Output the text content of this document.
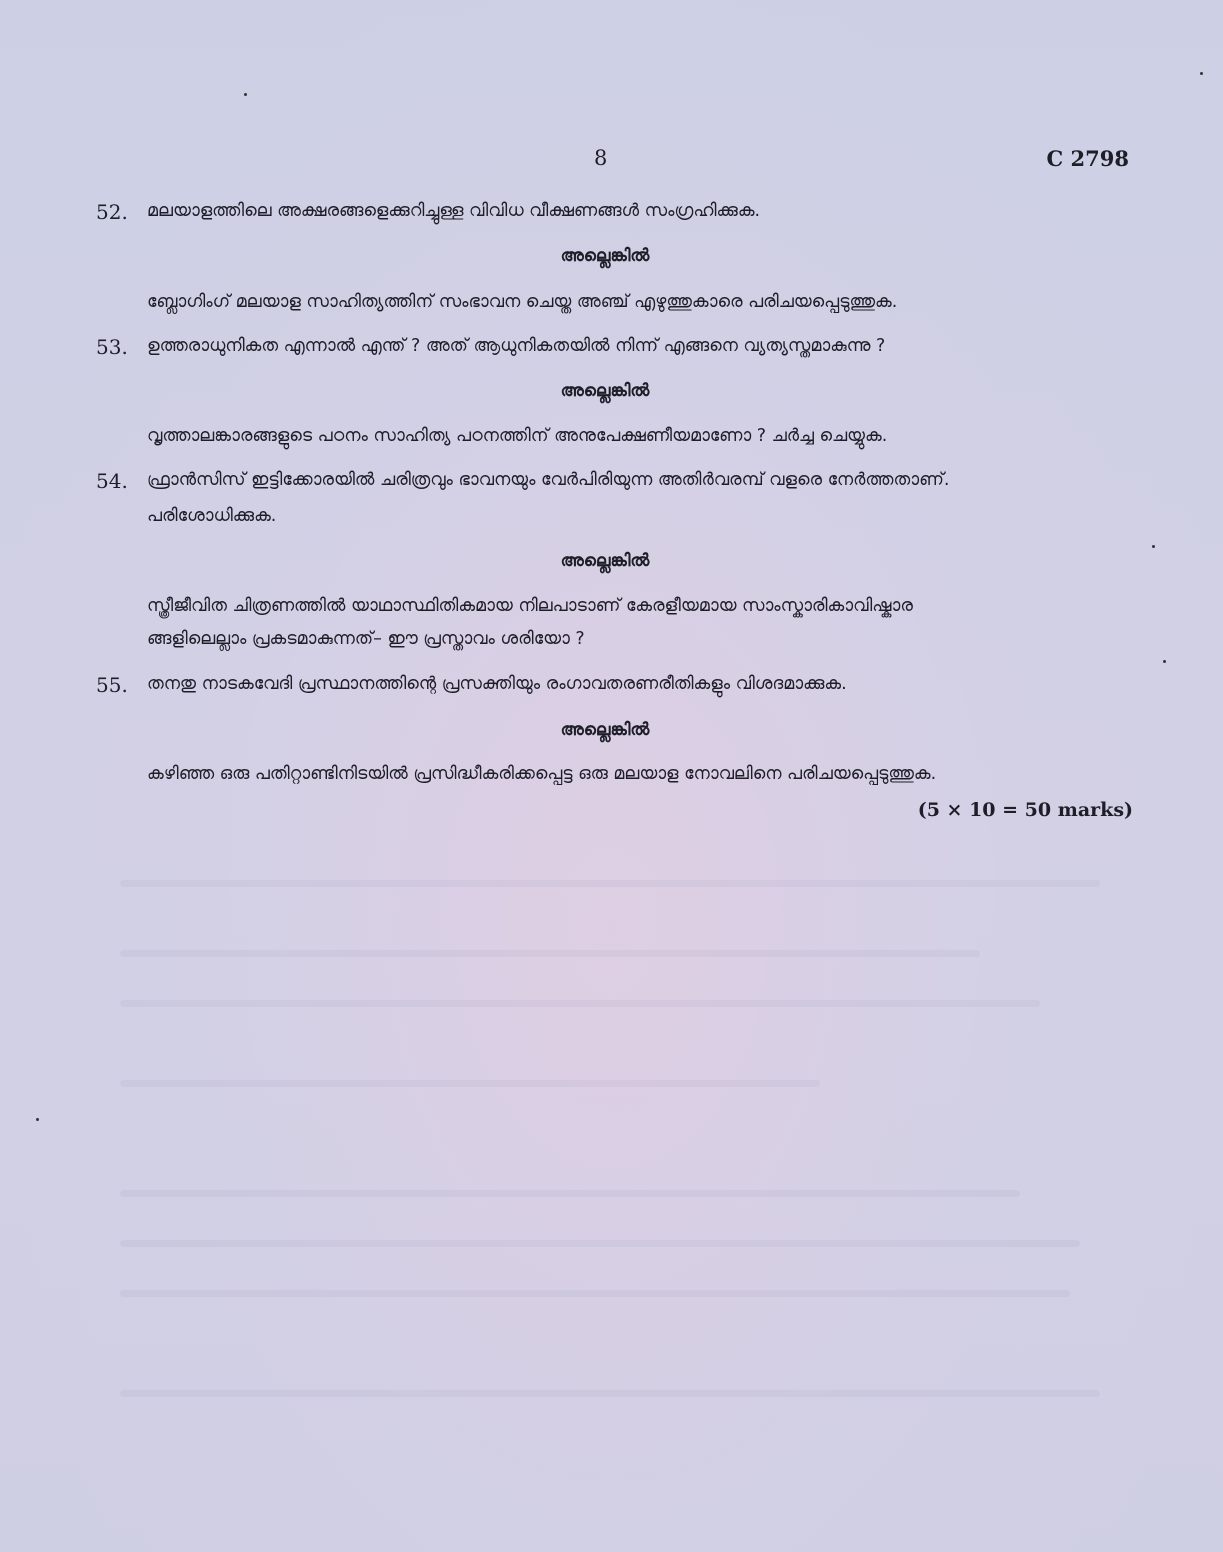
8	C 2798
52. മലയാളത്തിലെ അക്ഷരങ്ങളെക്കുറിച്ചുള്ള വിവിധ വീക്ഷണങ്ങൾ സംഗ്രഹിക്കുക.
അല്ലെങ്കിൽ
ബ്ലോഗിംഗ് മലയാള സാഹിത്യത്തിന് സംഭാവന ചെയ്ത അഞ്ച് എഴുത്തുകാരെ പരിചയപ്പെടുത്തുക.
53. ഉത്തരാധുനികത എന്നാൽ എന്ത് ? അത് ആധുനികതയിൽ നിന്ന് എങ്ങനെ വ്യത്യസ്തമാകുന്നു ?
അല്ലെങ്കിൽ
വൃത്താലങ്കാരങ്ങളുടെ പഠനം സാഹിത്യ പഠനത്തിന് അനുപേക്ഷണീയമാണോ ? ചർച്ച ചെയ്യുക.
54. ഫ്രാൻസിസ് ഇട്ടിക്കോരയിൽ ചരിത്രവും ഭാവനയും വേർപിരിയുന്ന അതിർവരമ്പ് വളരെ നേർത്തതാണ്.
പരിശോധിക്കുക.
അല്ലെങ്കിൽ
സ്ത്രീജീവിത ചിത്രണത്തിൽ യാഥാസ്ഥിതികമായ നിലപാടാണ് കേരളീയമായ സാംസ്കാരികാവിഷ്കാര
ങ്ങളിലെല്ലാം പ്രകടമാകുന്നത്– ഈ പ്രസ്താവം ശരിയോ ?
55. തനതു നാടകവേദി പ്രസ്ഥാനത്തിന്റെ പ്രസക്തിയും രംഗാവതരണരീതികളും വിശദമാക്കുക.
അല്ലെങ്കിൽ
കഴിഞ്ഞ ഒരു പതിറ്റാണ്ടിനിടയിൽ പ്രസിദ്ധീകരിക്കപ്പെട്ട ഒരു മലയാള നോവലിനെ പരിചയപ്പെടുത്തുക.
(5 × 10 = 50 marks)
